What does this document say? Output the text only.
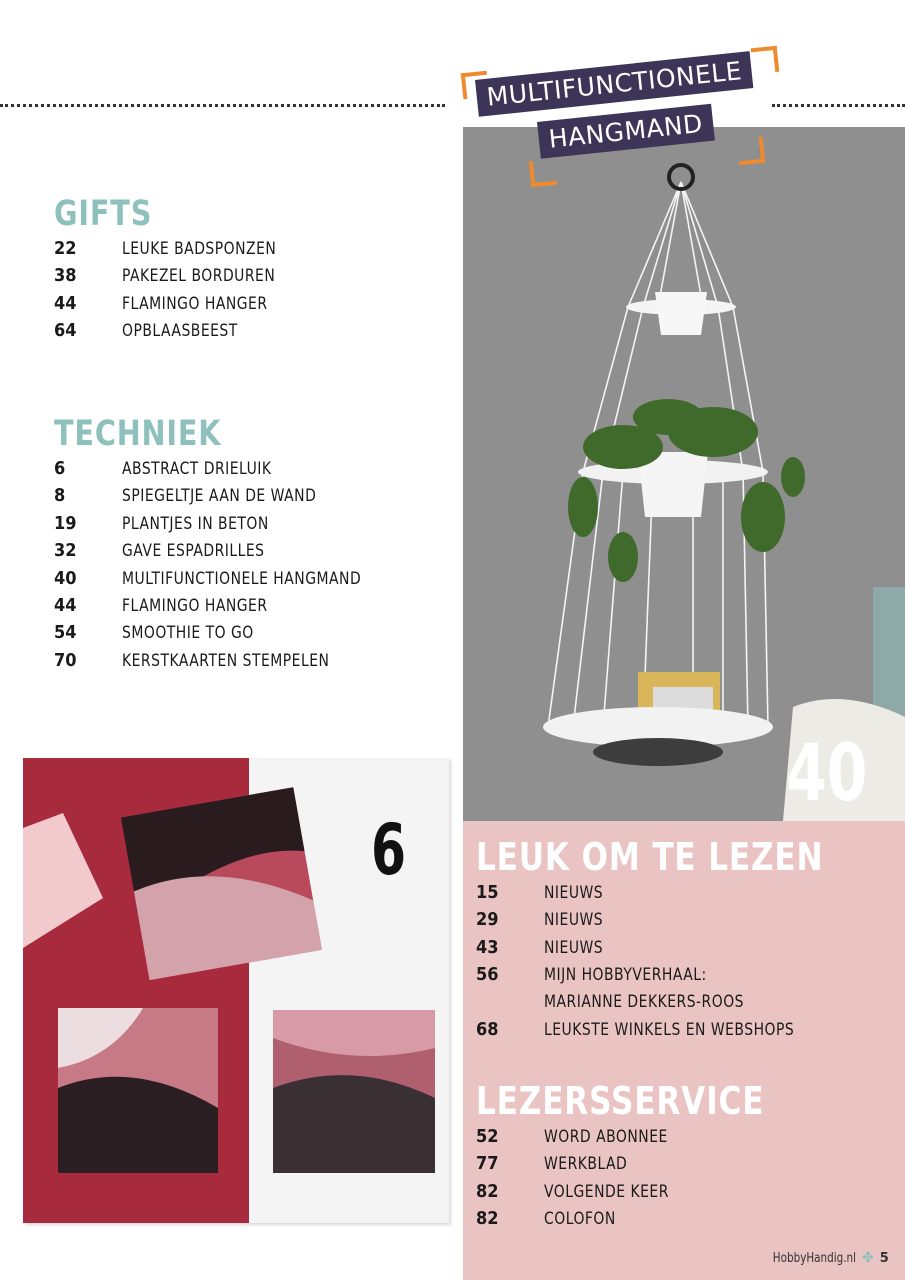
GIFTS
22	LEUKE BADSPONZEN
38	PAKEZEL BORDUREN
44	FLAMINGO HANGER
64	OPBLAASBEEST
TECHNIEK
6	ABSTRACT DRIELUIK
8	SPIEGELTJE AAN DE WAND
19	PLANTJES IN BETON
32	GAVE ESPADRILLES
40	MULTIFUNCTIONELE HANGMAND
44	FLAMINGO HANGER
54	SMOOTHIE TO GO
70	KERSTKAARTEN STEMPELEN
40
MULTIFUNCTIONELE
HANGMAND
LEUK OM TE LEZEN
15	NIEUWS
29	NIEUWS
43	NIEUWS
56	MIJN HOBBYVERHAAL:
MARIANNE DEKKERS-ROOS
68	LEUKSTE WINKELS EN WEBSHOPS
LEZERSSERVICE
52	WORD ABONNEE
77	WERKBLAD
82	VOLGENDE KEER
82	COLOFON
6
HobbyHandig.nl ✤ 5
